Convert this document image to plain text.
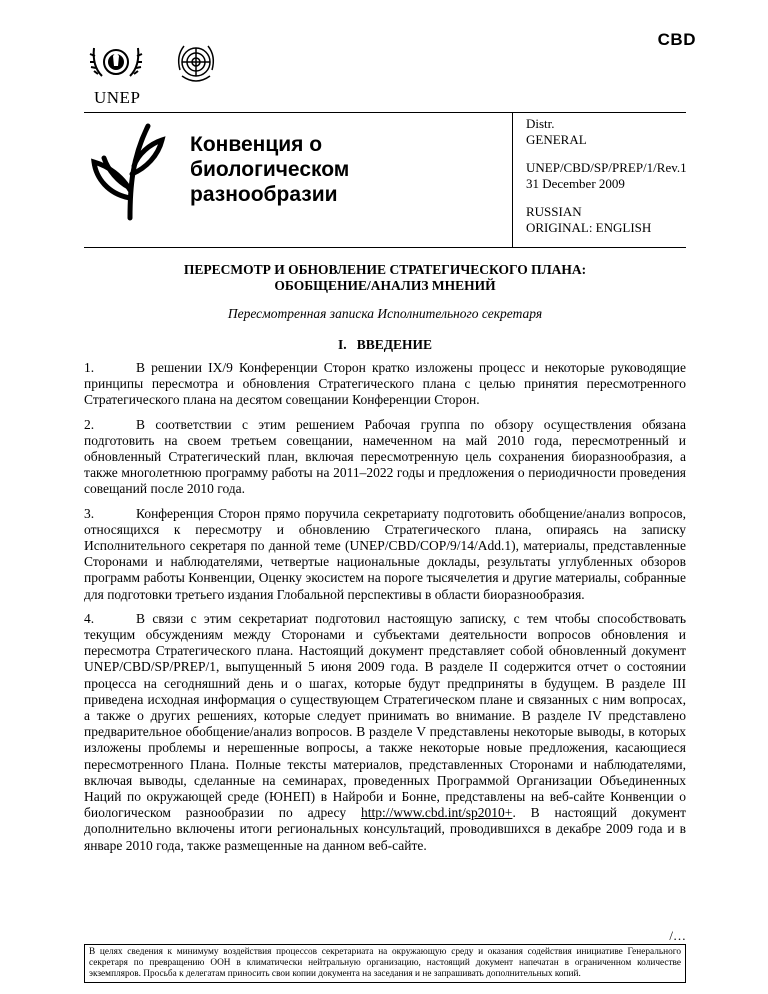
CBD
UNEP
Конвенция о
биологическом
разнообразии
Distr.
GENERAL
UNEP/CBD/SP/PREP/1/Rev.1
31 December 2009
RUSSIAN
ORIGINAL: ENGLISH
ПЕРЕСМОТР И ОБНОВЛЕНИЕ СТРАТЕГИЧЕСКОГО ПЛАНА:
ОБОБЩЕНИЕ/АНАЛИЗ МНЕНИЙ
Пересмотренная записка Исполнительного секретаря
I.   ВВЕДЕНИЕ

1.	В решении IX/9 Конференции Сторон кратко изложены процесс и некоторые руководящие принципы пересмотра и обновления Стратегического плана с целью принятия пересмотренного Стратегического плана на десятом совещании Конференции Сторон.

2.	В соответствии с этим решением Рабочая группа по обзору осуществления обязана подготовить на своем третьем совещании, намеченном на май 2010 года, пересмотренный и обновленный Стратегический план, включая пересмотренную цель сохранения биоразнообразия, а также многолетнюю программу работы на 2011–2022 годы и предложения о периодичности проведения совещаний после 2010 года.

3.	Конференция Сторон прямо поручила секретариату подготовить обобщение/анализ вопросов, относящихся к пересмотру и обновлению Стратегического плана, опираясь на записку Исполнительного секретаря по данной теме (UNEP/CBD/COP/9/14/Add.1), материалы, представленные Сторонами и наблюдателями, четвертые национальные доклады, результаты углубленных обзоров программ работы Конвенции, Оценку экосистем на пороге тысячелетия и другие материалы, собранные для подготовки третьего издания Глобальной перспективы в области биоразнообразия.

4.	В связи с этим секретариат подготовил настоящую записку, с тем чтобы способствовать текущим обсуждениям между Сторонами и субъектами деятельности вопросов обновления и пересмотра Стратегического плана. Настоящий документ представляет собой обновленный документ UNEP/CBD/SP/PREP/1, выпущенный 5 июня 2009 года. В разделе II содержится отчет о состоянии процесса на сегодняшний день и о шагах, которые будут предприняты в будущем. В разделе III приведена исходная информация о существующем Стратегическом плане и связанных с ним вопросах, а также о других решениях, которые следует принимать во внимание. В разделе IV представлено предварительное обобщение/анализ вопросов. В разделе V представлены некоторые выводы, в которых изложены проблемы и нерешенные вопросы, а также некоторые новые предложения, касающиеся пересмотренного Плана. Полные тексты материалов, представленных Сторонами и наблюдателями, включая выводы, сделанные на семинарах, проведенных Программой Организации Объединенных Наций по окружающей среде (ЮНЕП) в Найроби и Бонне, представлены на веб-сайте Конвенции о биологическом разнообразии по адресу http://www.cbd.int/sp2010+. В настоящий документ дополнительно включены итоги региональных консультаций, проводившихся в декабре 2009 года и в январе 2010 года, также размещенные на данном веб-сайте.

/…
В целях сведения к минимуму воздействия процессов секретариата на окружающую среду и оказания содействия инициативе Генерального секретаря по превращению ООН в климатически нейтральную организацию, настоящий документ напечатан в ограниченном количестве экземпляров. Просьба к делегатам приносить свои копии документа на заседания и не запрашивать дополнительных копий.
